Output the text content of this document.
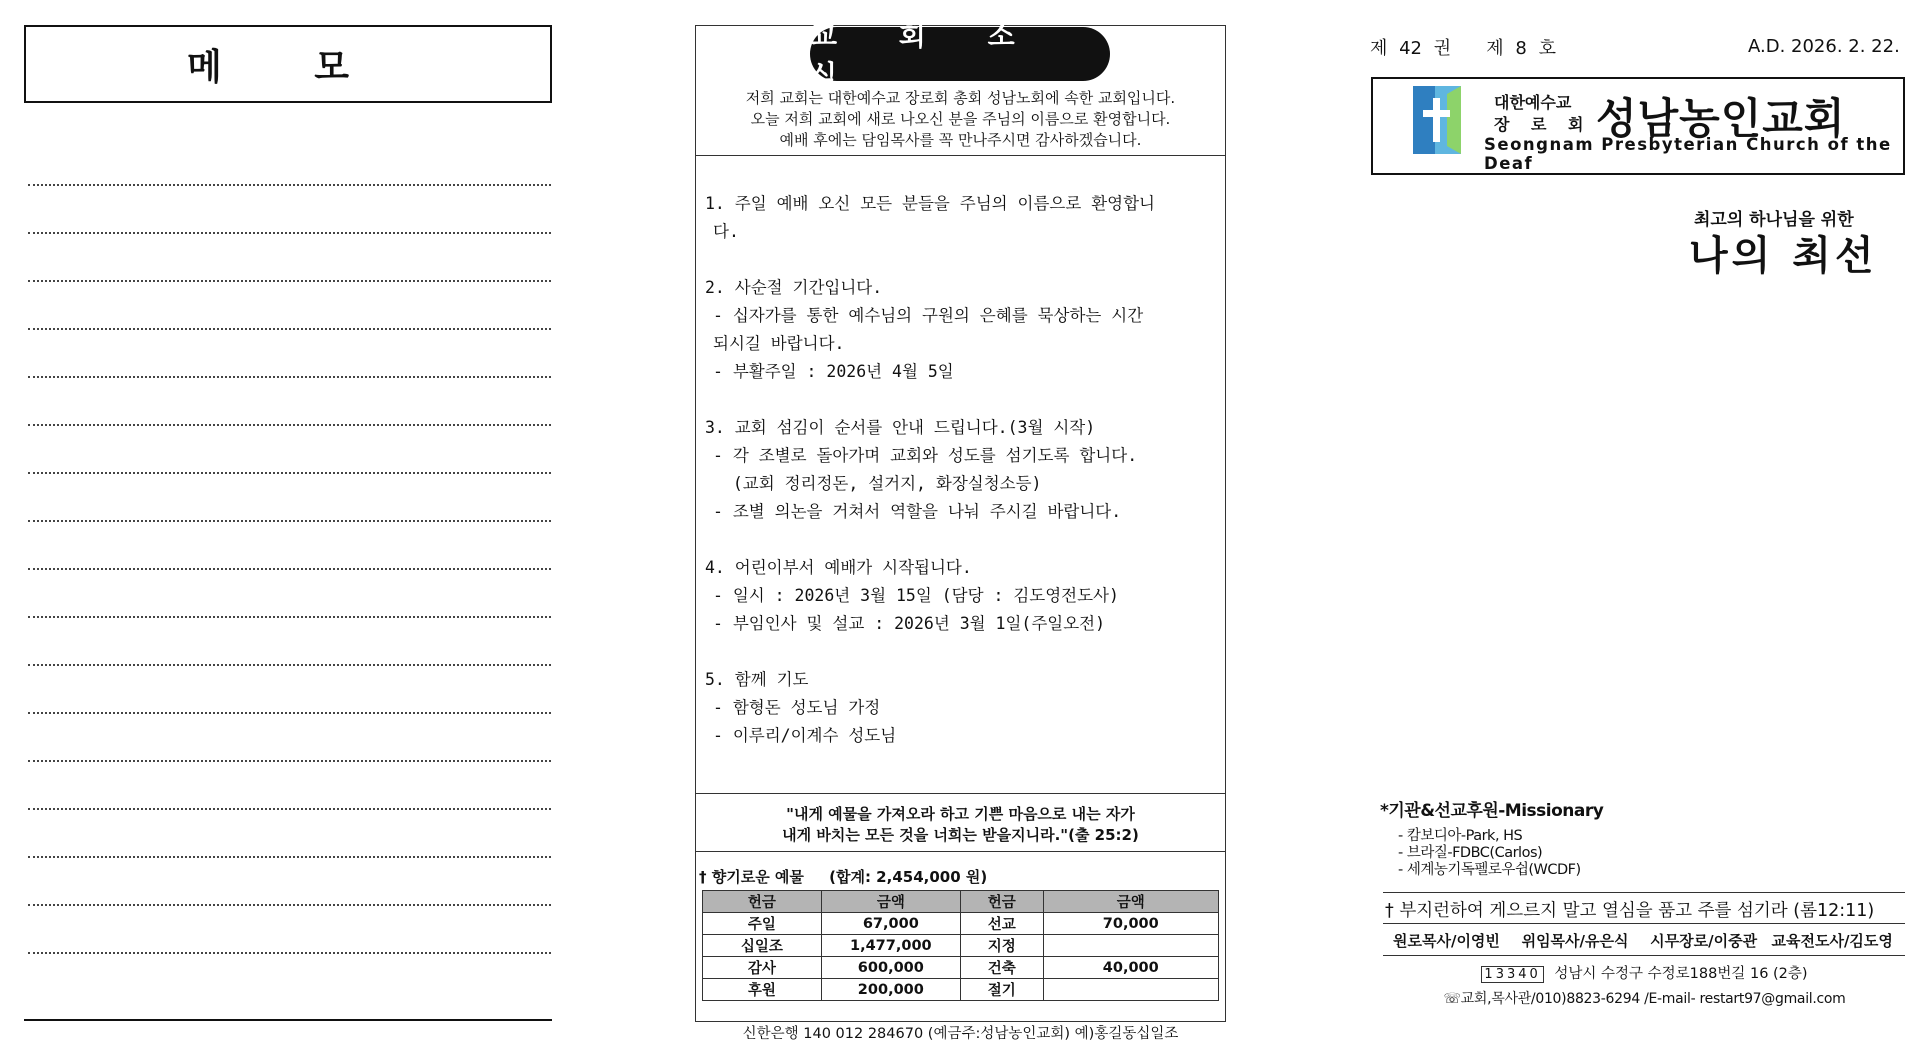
메 모
교 회 소 식
저희 교회는 대한예수교 장로회 총회 성남노회에 속한 교회입니다.
오늘 저희 교회에 새로 나오신 분을 주님의 이름으로 환영합니다.
예배 후에는 담임목사를 꼭 만나주시면 감사하겠습니다.
1. 주일 예배 오신 모든 분들을 주님의 이름으로 환영합니
다.
2. 사순절 기간입니다.
- 십자가를 통한 예수님의 구원의 은혜를 묵상하는 시간
되시길 바랍니다.
- 부활주일 : 2026년 4월 5일
3. 교회 섬김이 순서를 안내 드립니다.(3월 시작)
- 각 조별로 돌아가며 교회와 성도를 섬기도록 합니다.
(교회 정리정돈, 설거지, 화장실청소등)
- 조별 의논을 거쳐서 역할을 나눠 주시길 바랍니다.
4. 어린이부서 예배가 시작됩니다.
- 일시 : 2026년 3월 15일 (담당 : 김도영전도사)
- 부임인사 및 설교 : 2026년 3월 1일(주일오전)
5. 함께 기도
- 함형돈 성도님 가정
- 이루리/이계수 성도님
"내게 예물을 가져오라 하고 기쁜 마음으로 내는 자가
내게 바치는 모든 것을 너희는 받을지니라."(출 25:2)
† 향기로운 예물 (합계: 2,454,000 원)
헌금	금액	헌금	금액
주일	67,000	선교	70,000
십일조	1,477,000	지정	
감사	600,000	건축	40,000
후원	200,000	절기	
신한은행 140 012 284670 (예금주:성남농인교회) 예)홍길동십일조
제 42 권   제 8 호	A.D. 2026. 2. 22.
대한예수교
장 로 회 성남농인교회
Seongnam Presbyterian Church of the Deaf
최고의 하나님을 위한
나의 최선
*기관&선교후원-Missionary
- 캄보디아-Park, HS
- 브라질-FDBC(Carlos)
- 세계농기독펠로우쉽(WCDF)
† 부지런하여 게으르지 말고 열심을 품고 주를 섬기라 (롬12:11)
원로목사/이영빈   위임목사/유은식   시무장로/이중관  교육전도사/김도영
13340 성남시 수정구 수정로188번길 16 (2층)
☏교회,목사관/010)8823-6294 /E-mail- restart97@gmail.com
